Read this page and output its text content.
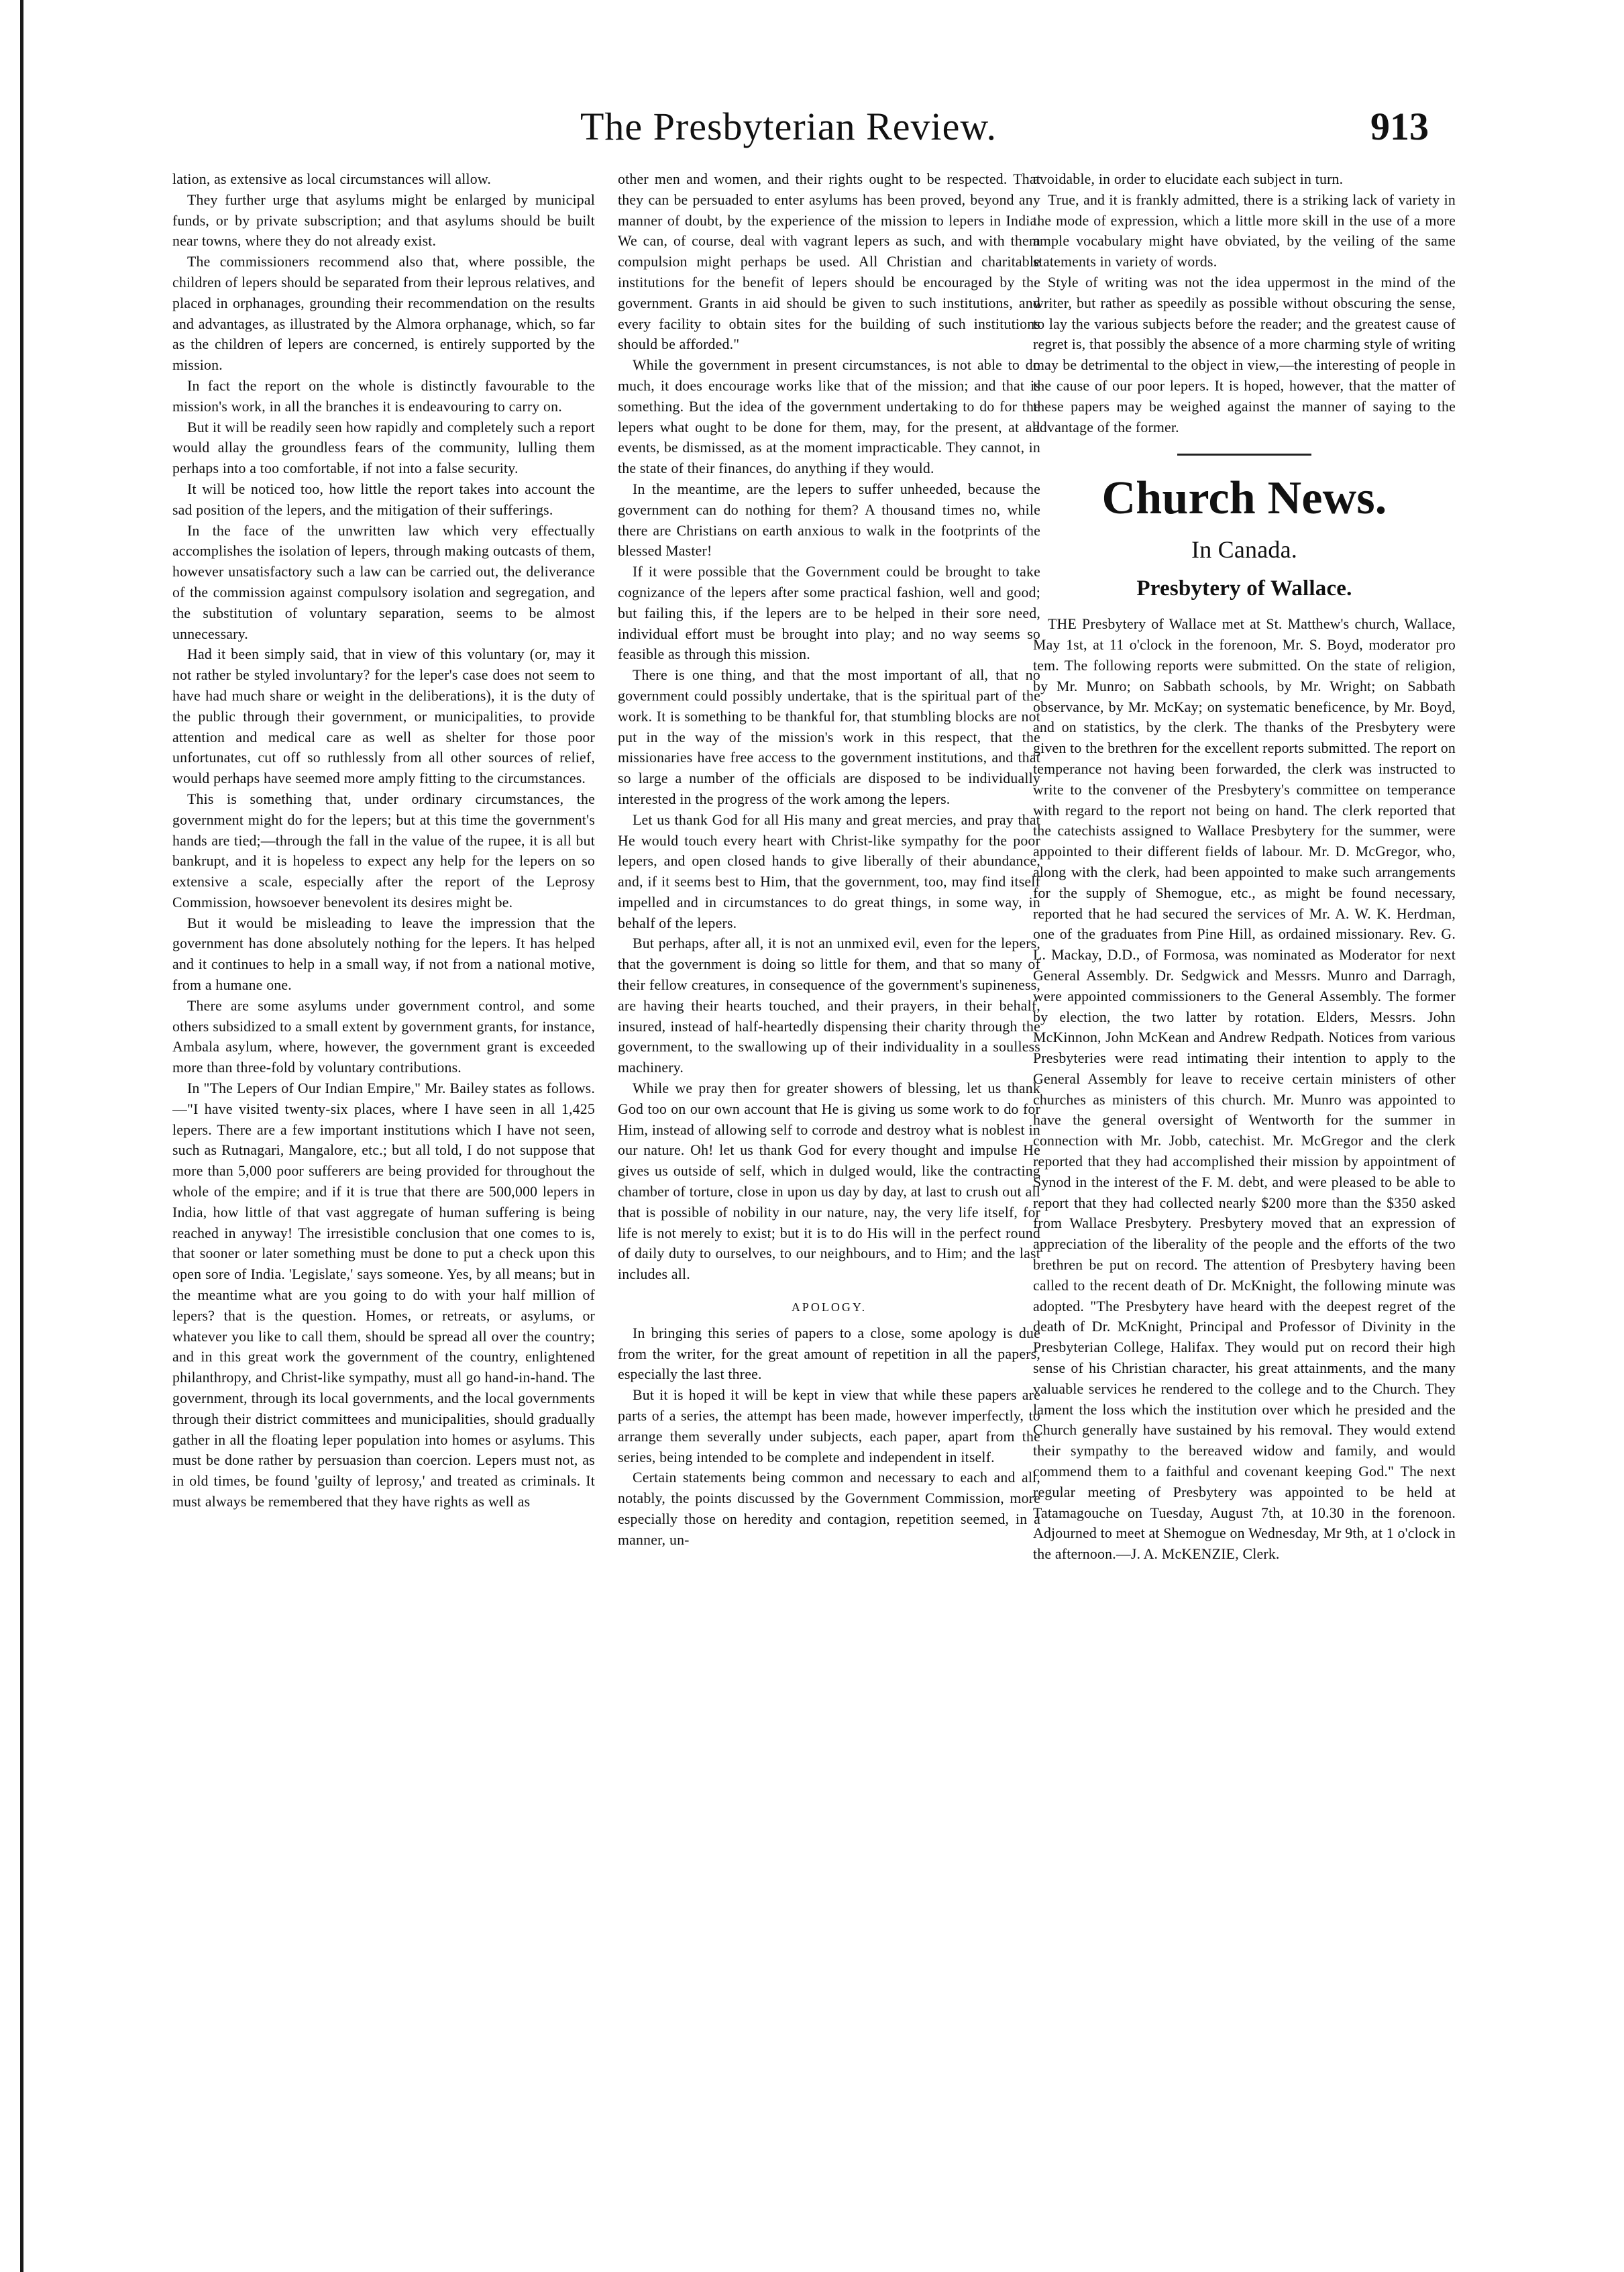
The Presbyterian Review.	913

lation, as extensive as local circumstances will allow.

They further urge that asylums might be enlarged by municipal funds, or by private subscription; and that asylums should be built near towns, where they do not already exist.

The commissioners recommend also that, where possible, the children of lepers should be separated from their leprous relatives, and placed in orphanages, grounding their recommendation on the results and advantages, as illustrated by the Almora orphanage, which, so far as the children of lepers are concerned, is entirely supported by the mission.

In fact the report on the whole is distinctly favourable to the mission's work, in all the branches it is endeavouring to carry on.

But it will be readily seen how rapidly and completely such a report would allay the groundless fears of the community, lulling them perhaps into a too comfortable, if not into a false security.

It will be noticed too, how little the report takes into account the sad position of the lepers, and the mitigation of their sufferings.

In the face of the unwritten law which very effectually accomplishes the isolation of lepers, through making outcasts of them, however unsatisfactory such a law can be carried out, the deliverance of the commission against compulsory isolation and segregation, and the substitution of voluntary separation, seems to be almost unnecessary.

Had it been simply said, that in view of this voluntary (or, may it not rather be styled involuntary? for the leper's case does not seem to have had much share or weight in the deliberations), it is the duty of the public through their government, or municipalities, to provide attention and medical care as well as shelter for those poor unfortunates, cut off so ruthlessly from all other sources of relief, would perhaps have seemed more amply fitting to the circumstances.

This is something that, under ordinary circumstances, the government might do for the lepers; but at this time the government's hands are tied;—through the fall in the value of the rupee, it is all but bankrupt, and it is hopeless to expect any help for the lepers on so extensive a scale, especially after the report of the Leprosy Commission, howsoever benevolent its desires might be.

But it would be misleading to leave the impression that the government has done absolutely nothing for the lepers. It has helped and it continues to help in a small way, if not from a national motive, from a humane one.

There are some asylums under government control, and some others subsidized to a small extent by government grants, for instance, Ambala asylum, where, however, the government grant is exceeded more than three-fold by voluntary contributions.

In "The Lepers of Our Indian Empire," Mr. Bailey states as follows.—"I have visited twenty-six places, where I have seen in all 1,425 lepers. There are a few important institutions which I have not seen, such as Rutnagari, Mangalore, etc.; but all told, I do not suppose that more than 5,000 poor sufferers are being provided for throughout the whole of the empire; and if it is true that there are 500,000 lepers in India, how little of that vast aggregate of human suffering is being reached in anyway! The irresistible conclusion that one comes to is, that sooner or later something must be done to put a check upon this open sore of India. 'Legislate,' says someone. Yes, by all means; but in the meantime what are you going to do with your half million of lepers? that is the question. Homes, or retreats, or asylums, or whatever you like to call them, should be spread all over the country; and in this great work the government of the country, enlightened philanthropy, and Christ-like sympathy, must all go hand-in-hand. The government, through its local governments, and the local governments through their district committees and municipalities, should gradually gather in all the floating leper population into homes or asylums. This must be done rather by persuasion than coercion. Lepers must not, as in old times, be found 'guilty of leprosy,' and treated as criminals. It must always be remembered that they have rights as well as

other men and women, and their rights ought to be respected. That they can be persuaded to enter asylums has been proved, beyond any manner of doubt, by the experience of the mission to lepers in India. We can, of course, deal with vagrant lepers as such, and with them compulsion might perhaps be used. All Christian and charitable institutions for the benefit of lepers should be encouraged by the government. Grants in aid should be given to such institutions, and every facility to obtain sites for the building of such institutions should be afforded."

While the government in present circumstances, is not able to do much, it does encourage works like that of the mission; and that is something. But the idea of the government undertaking to do for the lepers what ought to be done for them, may, for the present, at all events, be dismissed, as at the moment impracticable. They cannot, in the state of their finances, do anything if they would.

In the meantime, are the lepers to suffer unheeded, because the government can do nothing for them? A thousand times no, while there are Christians on earth anxious to walk in the footprints of the blessed Master!

If it were possible that the Government could be brought to take cognizance of the lepers after some practical fashion, well and good; but failing this, if the lepers are to be helped in their sore need, individual effort must be brought into play; and no way seems so feasible as through this mission.

There is one thing, and that the most important of all, that no government could possibly undertake, that is the spiritual part of the work. It is something to be thankful for, that stumbling blocks are not put in the way of the mission's work in this respect, that the missionaries have free access to the government institutions, and that so large a number of the officials are disposed to be individually interested in the progress of the work among the lepers.

Let us thank God for all His many and great mercies, and pray that He would touch every heart with Christ-like sympathy for the poor lepers, and open closed hands to give liberally of their abundance, and, if it seems best to Him, that the government, too, may find itself impelled and in circumstances to do great things, in some way, in behalf of the lepers.

But perhaps, after all, it is not an unmixed evil, even for the lepers, that the government is doing so little for them, and that so many of their fellow creatures, in consequence of the government's supineness, are having their hearts touched, and their prayers, in their behalf, insured, instead of half-heartedly dispensing their charity through the government, to the swallowing up of their individuality in a soulless machinery.

While we pray then for greater showers of blessing, let us thank God too on our own account that He is giving us some work to do for Him, instead of allowing self to corrode and destroy what is noblest in our nature. Oh! let us thank God for every thought and impulse He gives us outside of self, which in dulged would, like the contracting chamber of torture, close in upon us day by day, at last to crush out all that is possible of nobility in our nature, nay, the very life itself, for life is not merely to exist; but it is to do His will in the perfect round of daily duty to ourselves, to our neighbours, and to Him; and the last includes all.

APOLOGY.

In bringing this series of papers to a close, some apology is due from the writer, for the great amount of repetition in all the papers, especially the last three.

But it is hoped it will be kept in view that while these papers are parts of a series, the attempt has been made, however imperfectly, to arrange them severally under subjects, each paper, apart from the series, being intended to be complete and independent in itself.

Certain statements being common and necessary to each and all, notably, the points discussed by the Government Commission, more especially those on heredity and contagion, repetition seemed, in a manner, un-

avoidable, in order to elucidate each subject in turn.

True, and it is frankly admitted, there is a striking lack of variety in the mode of expression, which a little more skill in the use of a more ample vocabulary might have obviated, by the veiling of the same statements in variety of words.

Style of writing was not the idea uppermost in the mind of the writer, but rather as speedily as possible without obscuring the sense, to lay the various subjects before the reader; and the greatest cause of regret is, that possibly the absence of a more charming style of writing may be detrimental to the object in view,—the interesting of people in the cause of our poor lepers. It is hoped, however, that the matter of these papers may be weighed against the manner of saying to the advantage of the former.

Church News.
In Canada.
Presbytery of Wallace.

THE Presbytery of Wallace met at St. Matthew's church, Wallace, May 1st, at 11 o'clock in the forenoon, Mr. S. Boyd, moderator pro tem. The following reports were submitted. On the state of religion, by Mr. Munro; on Sabbath schools, by Mr. Wright; on Sabbath observance, by Mr. McKay; on systematic beneficence, by Mr. Boyd, and on statistics, by the clerk. The thanks of the Presbytery were given to the brethren for the excellent reports submitted. The report on temperance not having been forwarded, the clerk was instructed to write to the convener of the Presbytery's committee on temperance with regard to the report not being on hand. The clerk reported that the catechists assigned to Wallace Presbytery for the summer, were appointed to their different fields of labour. Mr. D. McGregor, who, along with the clerk, had been appointed to make such arrangements for the supply of Shemogue, etc., as might be found necessary, reported that he had secured the services of Mr. A. W. K. Herdman, one of the graduates from Pine Hill, as ordained missionary. Rev. G. L. Mackay, D.D., of Formosa, was nominated as Moderator for next General Assembly. Dr. Sedgwick and Messrs. Munro and Darragh, were appointed commissioners to the General Assembly. The former by election, the two latter by rotation. Elders, Messrs. John McKinnon, John McKean and Andrew Redpath. Notices from various Presbyteries were read intimating their intention to apply to the General Assembly for leave to receive certain ministers of other churches as ministers of this church. Mr. Munro was appointed to have the general oversight of Wentworth for the summer in connection with Mr. Jobb, catechist. Mr. McGregor and the clerk reported that they had accomplished their mission by appointment of Synod in the interest of the F. M. debt, and were pleased to be able to report that they had collected nearly $200 more than the $350 asked from Wallace Presbytery. Presbytery moved that an expression of appreciation of the liberality of the people and the efforts of the two brethren be put on record. The attention of Presbytery having been called to the recent death of Dr. McKnight, the following minute was adopted. "The Presbytery have heard with the deepest regret of the death of Dr. McKnight, Principal and Professor of Divinity in the Presbyterian College, Halifax. They would put on record their high sense of his Christian character, his great attainments, and the many valuable services he rendered to the college and to the Church. They lament the loss which the institution over which he presided and the Church generally have sustained by his removal. They would extend their sympathy to the bereaved widow and family, and would commend them to a faithful and covenant keeping God." The next regular meeting of Presbytery was appointed to be held at Tatamagouche on Tuesday, August 7th, at 10.30 in the forenoon. Adjourned to meet at Shemogue on Wednesday, Mr 9th, at 1 o'clock in the afternoon.—J. A. McKENZIE, Clerk.
